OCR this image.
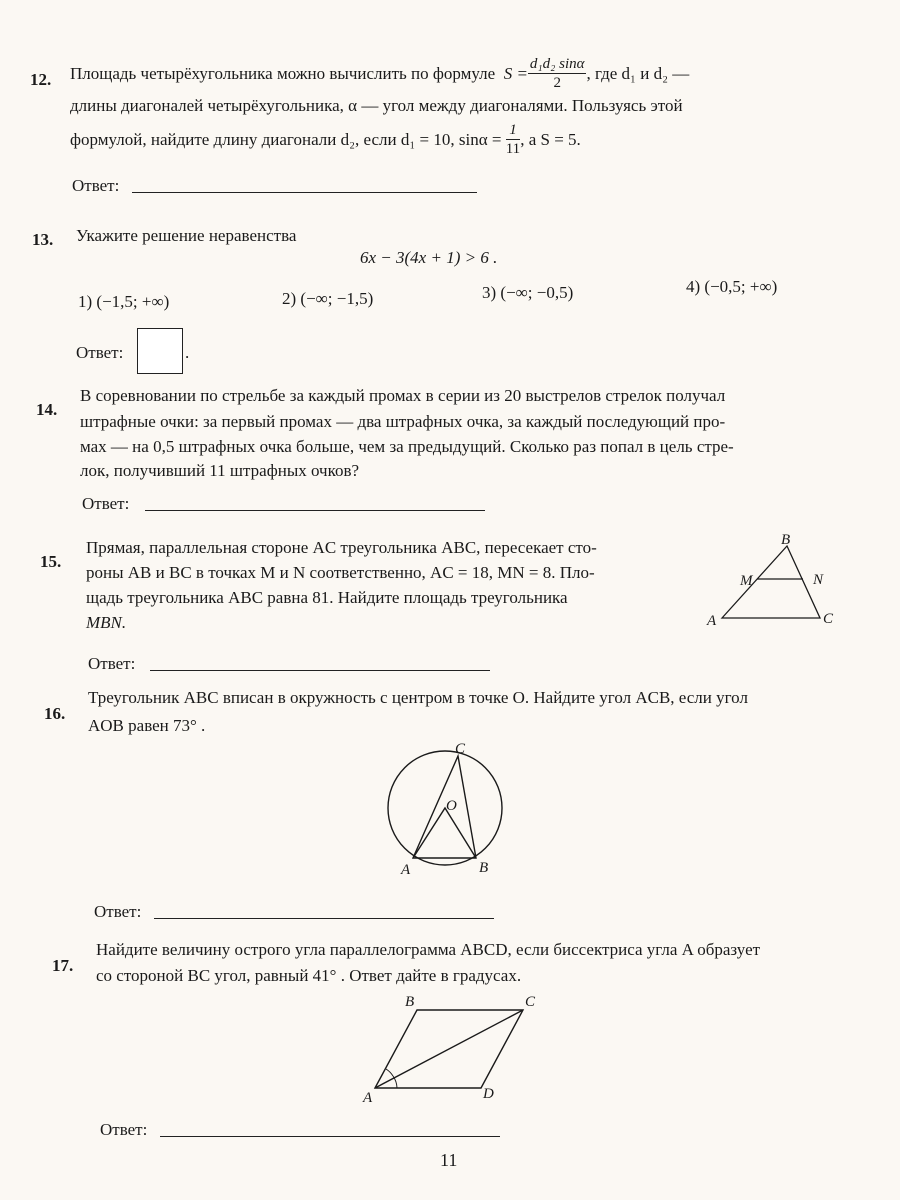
12. Площадь четырёхугольника можно вычислить по формуле
$S = \frac{\text{d₁d₂ sinα}}{2}$ , где d₁ и d₂ —
длины диагоналей четырёхугольника, α — угол между диагоналями. Пользуясь этой
формулой, найдите длину диагонали d₂, если d₁ = 10, sinα =
$\frac{1}{11}$ , а S = 5.
Ответ:
13. Укажите решение неравенства
6x − 3(4x + 1) > 6 .
1) (−1,5; +∞)	2) (−∞; −1,5)	3) (−∞; −0,5)	4) (−0,5; +∞)
Ответ:	.
14.
В соревновании по стрельбе за каждый промах в серии из 20 выстрелов стрелок получал
штрафные очки: за первый промах — два штрафных очка, за каждый последующий про-
мах — на 0,5 штрафных очка больше, чем за предыдущий. Сколько раз попал в цель стре-
лок, получивший 11 штрафных очков?
Ответ:
15.
Прямая, параллельная стороне AC треугольника ABC, пересекает сто-
роны AB и BC в точках M и N соответственно, AC = 18, MN = 8. Пло-
щадь треугольника ABC равна 81. Найдите площадь треугольника
MBN.
B
M	N
A	C
Ответ:
16.
Треугольник ABC вписан в окружность с центром в точке O. Найдите угол ACB, если угол
AOB равен 73° .
C
O
A	B
Ответ:
17.
Найдите величину острого угла параллелограмма ABCD, если биссектриса угла A образует
со стороной BC угол, равный 41° . Ответ дайте в градусах.
B	C
A	D
Ответ:
11
